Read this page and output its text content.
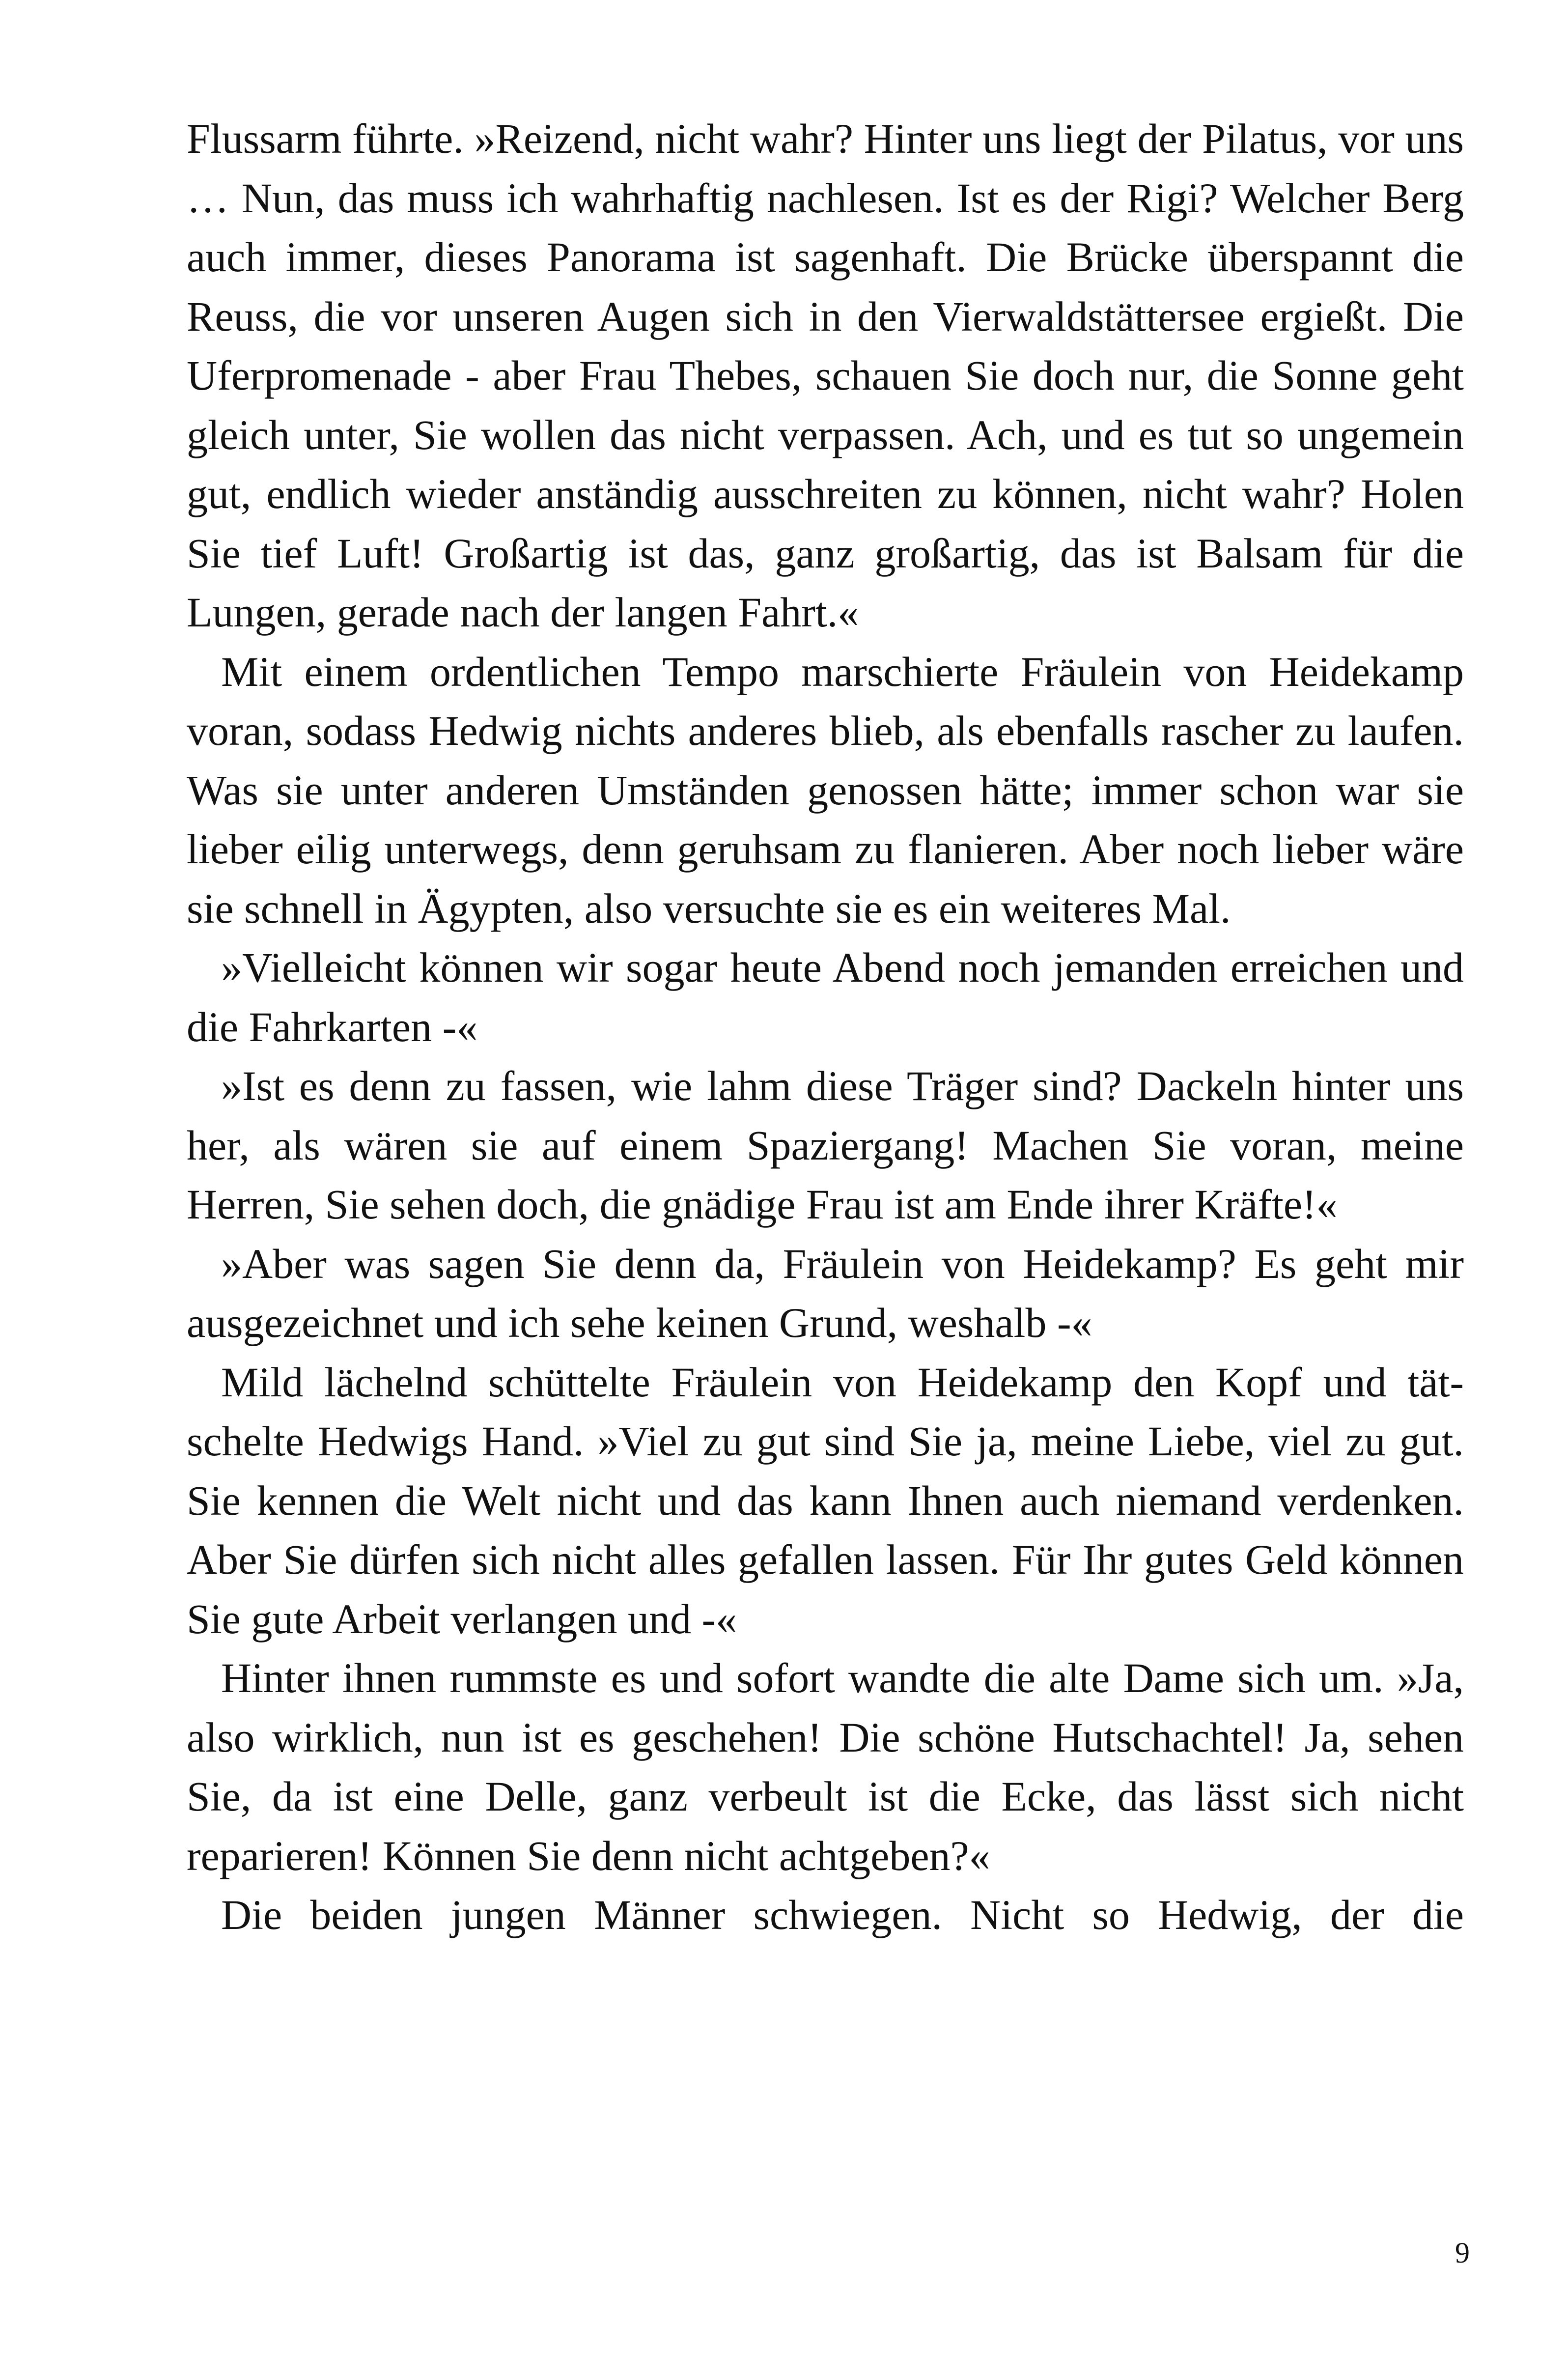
Flussarm führte. »Reizend, nicht wahr? Hinter uns liegt der Pilatus, vor uns … Nun, das muss ich wahrhaftig nachlesen. Ist es der Rigi? Welcher Berg auch immer, dieses Panorama ist sagenhaft. Die Brücke überspannt die Reuss, die vor unseren Augen sich in den Vierwaldstättersee ergießt. Die Uferpromenade - aber Frau Thebes, schauen Sie doch nur, die Sonne geht gleich unter, Sie wollen das nicht verpassen. Ach, und es tut so ungemein gut, endlich wieder anständig ausschreiten zu können, nicht wahr? Holen Sie tief Luft! Großartig ist das, ganz großartig, das ist Balsam für die Lungen, gerade nach der langen Fahrt.«

Mit einem ordentlichen Tempo marschierte Fräulein von Heidekamp voran, sodass Hedwig nichts anderes blieb, als ebenfalls rascher zu laufen. Was sie unter anderen Umständen genossen hätte; immer schon war sie lieber eilig unterwegs, denn geruhsam zu flanieren. Aber noch lieber wäre sie schnell in Ägypten, also versuchte sie es ein weiteres Mal.

»Vielleicht können wir sogar heute Abend noch jemanden erreichen und die Fahrkarten -«

»Ist es denn zu fassen, wie lahm diese Träger sind? Dackeln hinter uns her, als wären sie auf einem Spaziergang! Machen Sie voran, meine Herren, Sie sehen doch, die gnädige Frau ist am Ende ihrer Kräfte!«

»Aber was sagen Sie denn da, Fräulein von Heidekamp? Es geht mir ausgezeichnet und ich sehe keinen Grund, weshalb -«

Mild lächelnd schüttelte Fräulein von Heidekamp den Kopf und tätschelte Hedwigs Hand. »Viel zu gut sind Sie ja, meine Liebe, viel zu gut. Sie kennen die Welt nicht und das kann Ihnen auch niemand verdenken. Aber Sie dürfen sich nicht alles gefallen lassen. Für Ihr gutes Geld können Sie gute Arbeit verlangen und -«

Hinter ihnen rummste es und sofort wandte die alte Dame sich um. »Ja, also wirklich, nun ist es geschehen! Die schöne Hutschachtel! Ja, sehen Sie, da ist eine Delle, ganz verbeult ist die Ecke, das lässt sich nicht reparieren! Können Sie denn nicht achtgeben?«

Die beiden jungen Männer schwiegen. Nicht so Hedwig, der die

9
